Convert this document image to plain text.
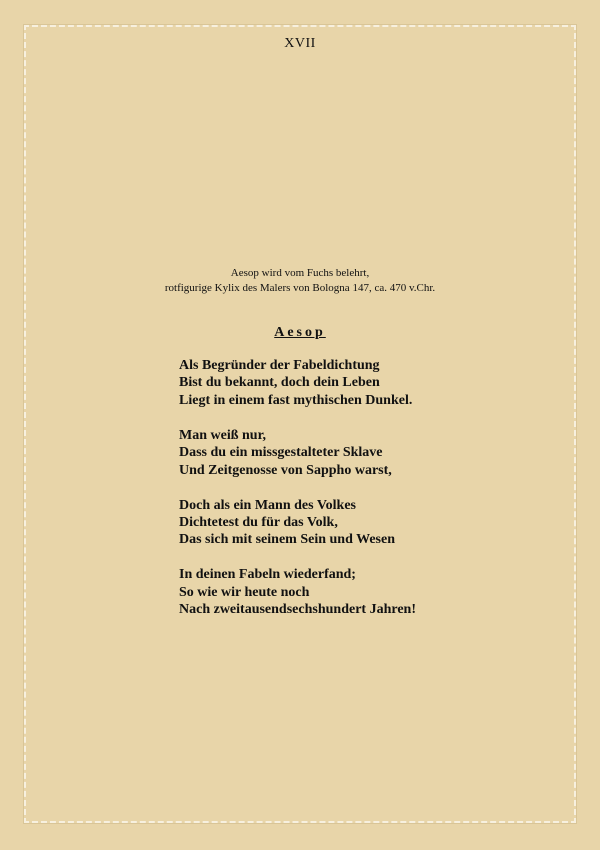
XVII
Aesop wird vom Fuchs belehrt,
rotfigurige Kylix des Malers von Bologna 147, ca. 470 v.Chr.
Aesop
Als Begründer der Fabeldichtung
Bist du bekannt, doch dein Leben
Liegt in einem fast mythischen Dunkel.
Man weiß nur,
Dass du ein missgestalteter Sklave
Und Zeitgenosse von Sappho warst,
Doch als ein Mann des Volkes
Dichtetest du für das Volk,
Das sich mit seinem Sein und Wesen
In deinen Fabeln wiederfand;
So wie wir heute noch
Nach zweitausendsechshundert Jahren!
